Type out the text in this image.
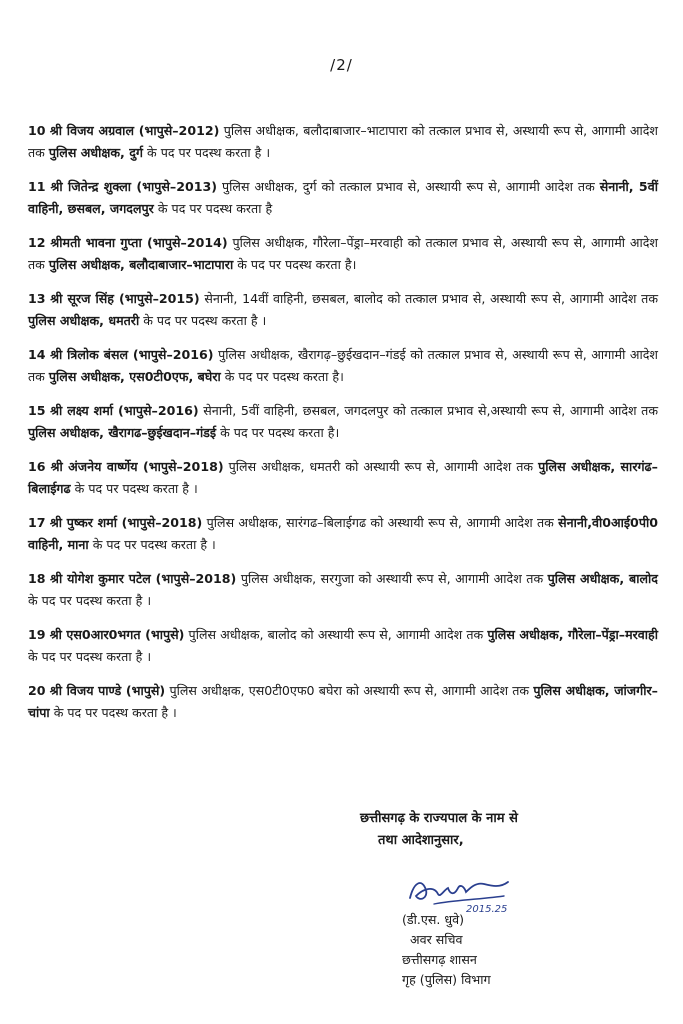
/2/
10 श्री विजय अग्रवाल (भापुसे–2012) पुलिस अधीक्षक, बलौदाबाजार–भाटापारा को तत्काल प्रभाव से, अस्थायी रूप से, आगामी आदेश तक पुलिस अधीक्षक, दुर्ग के पद पर पदस्थ करता है ।
11 श्री जितेन्द्र शुक्ला (भापुसे–2013) पुलिस अधीक्षक, दुर्ग को तत्काल प्रभाव से, अस्थायी रूप से, आगामी आदेश तक सेनानी, 5वीं वाहिनी, छसबल, जगदलपुर के पद पर पदस्थ करता है
12 श्रीमती भावना गुप्ता (भापुसे–2014) पुलिस अधीक्षक, गौरेला–पेंड्रा–मरवाही को तत्काल प्रभाव से, अस्थायी रूप से, आगामी आदेश तक पुलिस अधीक्षक, बलौदाबाजार–भाटापारा के पद पर पदस्थ करता है।
13 श्री सूरज सिंह (भापुसे–2015) सेनानी, 14वीं वाहिनी, छसबल, बालोद को तत्काल प्रभाव से, अस्थायी रूप से, आगामी आदेश तक पुलिस अधीक्षक, धमतरी के पद पर पदस्थ करता है ।
14 श्री त्रिलोक बंसल (भापुसे–2016) पुलिस अधीक्षक, खैरागढ़–छुईखदान–गंडई को तत्काल प्रभाव से, अस्थायी रूप से, आगामी आदेश तक पुलिस अधीक्षक, एस0टी0एफ, बघेरा के पद पर पदस्थ करता है।
15 श्री लक्ष्य शर्मा (भापुसे–2016) सेनानी, 5वीं वाहिनी, छसबल, जगदलपुर को तत्काल प्रभाव से,अस्थायी रूप से, आगामी आदेश तक पुलिस अधीक्षक, खैरागढ–छुईखदान–गंडई के पद पर पदस्थ करता है।
16 श्री अंजनेय वार्ष्णेय (भापुसे–2018) पुलिस अधीक्षक, धमतरी को अस्थायी रूप से, आगामी आदेश तक पुलिस अधीक्षक, सारगंढ–बिलाईगढ के पद पर पदस्थ करता है ।
17 श्री पुष्कर शर्मा (भापुसे–2018) पुलिस अधीक्षक, सारंगढ–बिलाईगढ को अस्थायी रूप से, आगामी आदेश तक सेनानी,वी0आई0पी0 वाहिनी, माना के पद पर पदस्थ करता है ।
18 श्री योगेश कुमार पटेल (भापुसे–2018) पुलिस अधीक्षक, सरगुजा को अस्थायी रूप से, आगामी आदेश तक पुलिस अधीक्षक, बालोद के पद पर पदस्थ करता है ।
19 श्री एस0आर0भगत (भापुसे) पुलिस अधीक्षक, बालोद को अस्थायी रूप से, आगामी आदेश तक पुलिस अधीक्षक, गौरेला–पेंड्रा–मरवाही के पद पर पदस्थ करता है ।
20 श्री विजय पाण्डे (भापुसे) पुलिस अधीक्षक, एस0टी0एफ0 बघेरा को अस्थायी रूप से, आगामी आदेश तक पुलिस अधीक्षक, जांजगीर–चांपा के पद पर पदस्थ करता है ।
छत्तीसगढ़ के राज्यपाल के नाम से
तथा आदेशानुसार,
2015.25
(डी.एस. धुवे)
अवर सचिव
छत्तीसगढ़ शासन
गृह (पुलिस) विभाग
